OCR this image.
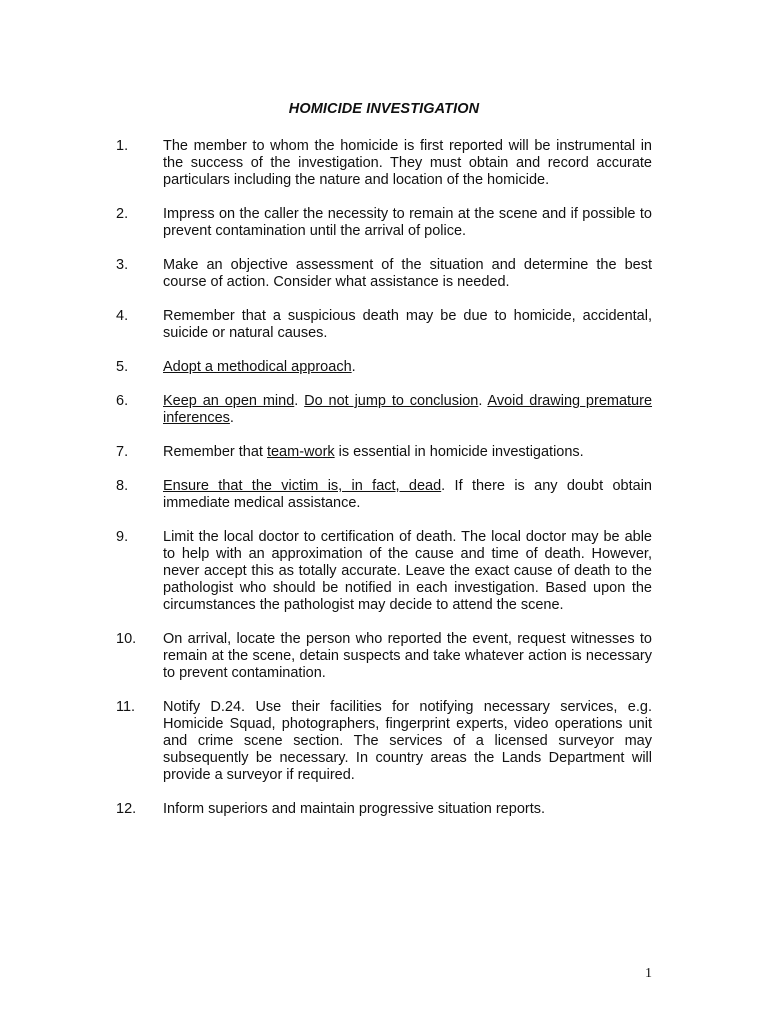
HOMICIDE INVESTIGATION
1.	The member to whom the homicide is first reported will be instrumental in the success of the investigation. They must obtain and record accurate particulars including the nature and location of the homicide.
2.	Impress on the caller the necessity to remain at the scene and if possible to prevent contamination until the arrival of police.
3.	Make an objective assessment of the situation and determine the best course of action. Consider what assistance is needed.
4.	Remember that a suspicious death may be due to homicide, accidental, suicide or natural causes.
5.	Adopt a methodical approach.
6.	Keep an open mind. Do not jump to conclusion. Avoid drawing premature inferences.
7.	Remember that team-work is essential in homicide investigations.
8.	Ensure that the victim is, in fact, dead. If there is any doubt obtain immediate medical assistance.
9.	Limit the local doctor to certification of death. The local doctor may be able to help with an approximation of the cause and time of death. However, never accept this as totally accurate. Leave the exact cause of death to the pathologist who should be notified in each investigation. Based upon the circumstances the pathologist may decide to attend the scene.
10.	On arrival, locate the person who reported the event, request witnesses to remain at the scene, detain suspects and take whatever action is necessary to prevent contamination.
11.	Notify D.24. Use their facilities for notifying necessary services, e.g. Homicide Squad, photographers, fingerprint experts, video operations unit and crime scene section. The services of a licensed surveyor may subsequently be necessary. In country areas the Lands Department will provide a surveyor if required.
12.	Inform superiors and maintain progressive situation reports.
1
